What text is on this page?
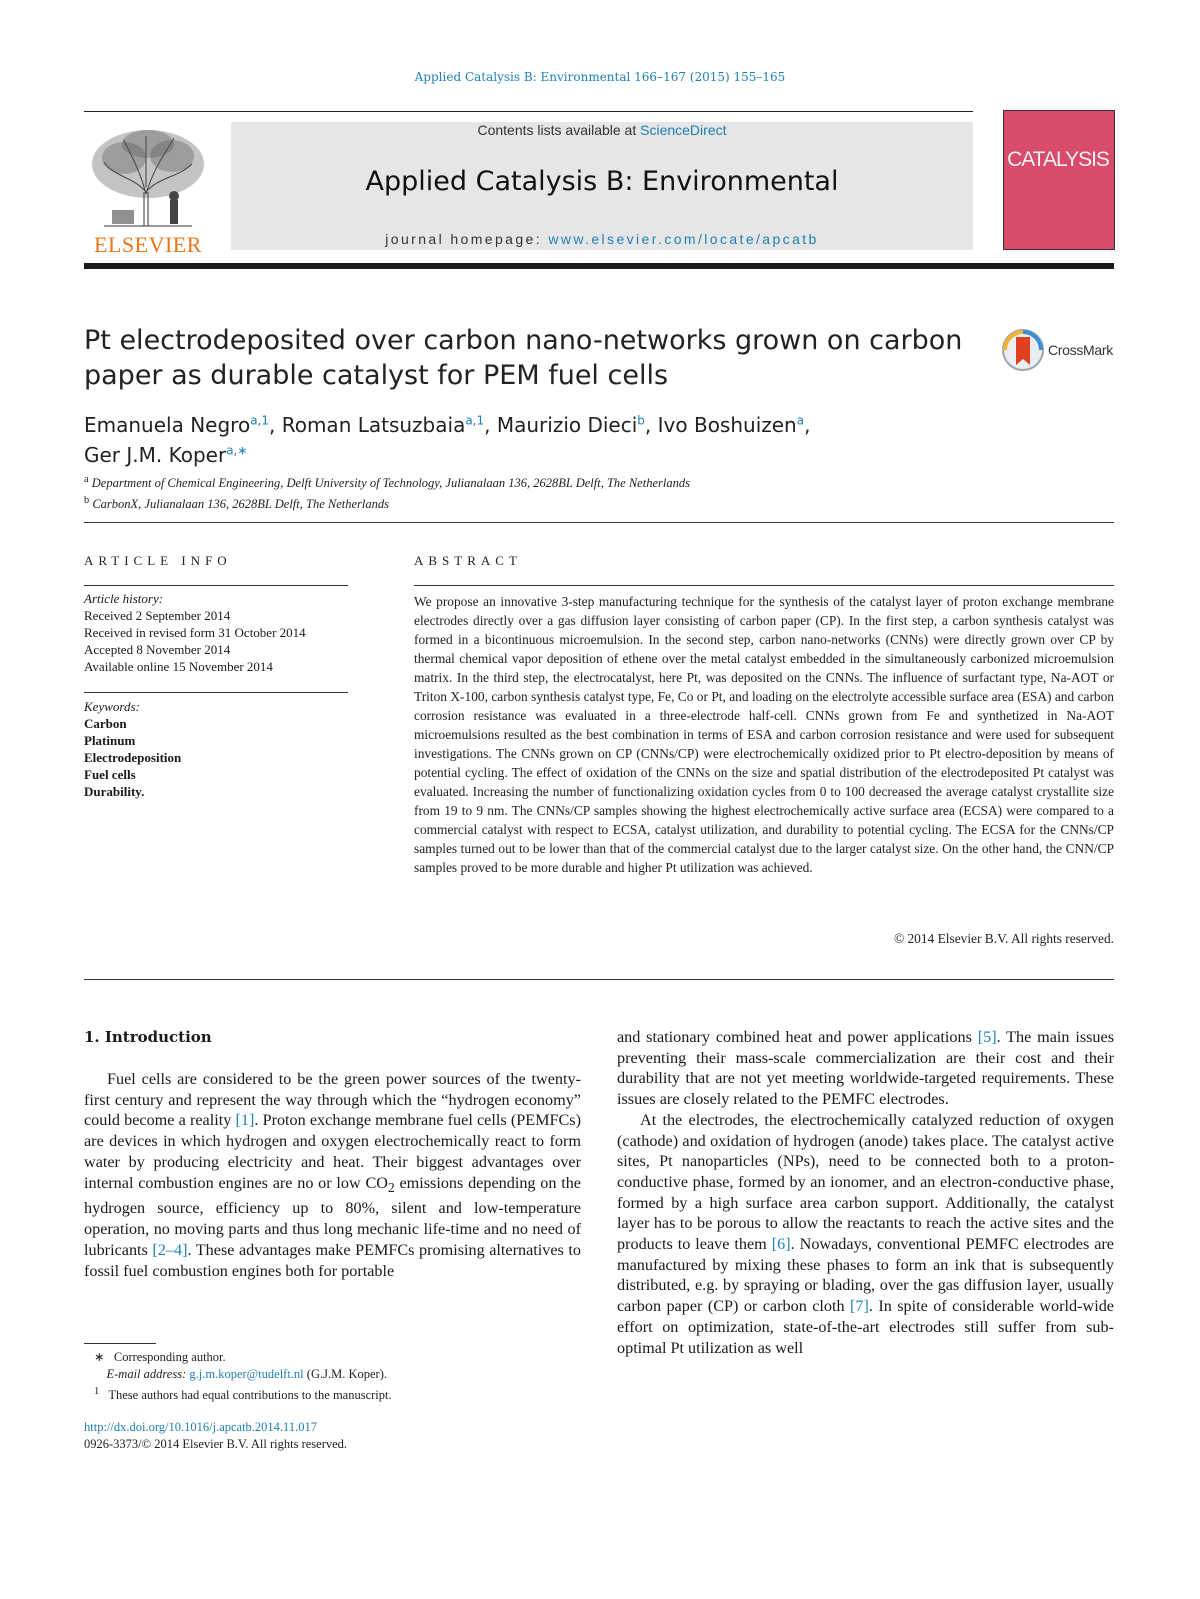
Applied Catalysis B: Environmental 166–167 (2015) 155–165
ELSEVIER
Contents lists available at ScienceDirect
Applied Catalysis B: Environmental
journal homepage: www.elsevier.com/locate/apcatb
CATALYSIS
Pt electrodeposited over carbon nano-networks grown on carbon paper as durable catalyst for PEM fuel cells
CrossMark
Emanuela Negro$^{a,1}$, Roman Latsuzbaia$^{a,1}$, Maurizio Dieci$^b$, Ivo Boshuizen$^a$,
Ger J.M. Koper$^{a,∗}$
$^a$ Department of Chemical Engineering, Delft University of Technology, Julianalaan 136, 2628BL Delft, The Netherlands
$^b$ CarbonX, Julianalaan 136, 2628BL Delft, The Netherlands
ARTICLE INFO
Article history:
Received 2 September 2014
Received in revised form 31 October 2014
Accepted 8 November 2014
Available online 15 November 2014
Keywords:
Carbon
Platinum
Electrodeposition
Fuel cells
Durability.
ABSTRACT
We propose an innovative 3-step manufacturing technique for the synthesis of the catalyst layer of proton exchange membrane electrodes directly over a gas diffusion layer consisting of carbon paper (CP). In the first step, a carbon synthesis catalyst was formed in a bicontinuous microemulsion. In the second step, carbon nano-networks (CNNs) were directly grown over CP by thermal chemical vapor deposition of ethene over the metal catalyst embedded in the simultaneously carbonized microemulsion matrix. In the third step, the electrocatalyst, here Pt, was deposited on the CNNs. The influence of surfactant type, Na-AOT or Triton X-100, carbon synthesis catalyst type, Fe, Co or Pt, and loading on the electrolyte accessible surface area (ESA) and carbon corrosion resistance was evaluated in a three-electrode half-cell. CNNs grown from Fe and synthetized in Na-AOT microemulsions resulted as the best combination in terms of ESA and carbon corrosion resistance and were used for subsequent investigations. The CNNs grown on CP (CNNs/CP) were electrochemically oxidized prior to Pt electro-deposition by means of potential cycling. The effect of oxidation of the CNNs on the size and spatial distribution of the electrodeposited Pt catalyst was evaluated. Increasing the number of functionalizing oxidation cycles from 0 to 100 decreased the average catalyst crystallite size from 19 to 9 nm. The CNNs/CP samples showing the highest electrochemically active surface area (ECSA) were compared to a commercial catalyst with respect to ECSA, catalyst utilization, and durability to potential cycling. The ECSA for the CNNs/CP samples turned out to be lower than that of the commercial catalyst due to the larger catalyst size. On the other hand, the CNN/CP samples proved to be more durable and higher Pt utilization was achieved.
© 2014 Elsevier B.V. All rights reserved.
1. Introduction

Fuel cells are considered to be the green power sources of the twenty-first century and represent the way through which the “hydrogen economy” could become a reality [1]. Proton exchange membrane fuel cells (PEMFCs) are devices in which hydrogen and oxygen electrochemically react to form water by producing electricity and heat. Their biggest advantages over internal combustion engines are no or low $CO_2$ emissions depending on the hydrogen source, efficiency up to 80%, silent and low-temperature operation, no moving parts and thus long mechanic life-time and no need of lubricants [2–4]. These advantages make PEMFCs promising alternatives to fossil fuel combustion engines both for portable

and stationary combined heat and power applications [5]. The main issues preventing their mass-scale commercialization are their cost and their durability that are not yet meeting worldwide-targeted requirements. These issues are closely related to the PEMFC electrodes.

At the electrodes, the electrochemically catalyzed reduction of oxygen (cathode) and oxidation of hydrogen (anode) takes place. The catalyst active sites, Pt nanoparticles (NPs), need to be connected both to a proton-conductive phase, formed by an ionomer, and an electron-conductive phase, formed by a high surface area carbon support. Additionally, the catalyst layer has to be porous to allow the reactants to reach the active sites and the products to leave them [6]. Nowadays, conventional PEMFC electrodes are manufactured by mixing these phases to form an ink that is subsequently distributed, e.g. by spraying or blading, over the gas diffusion layer, usually carbon paper (CP) or carbon cloth [7]. In spite of considerable world-wide effort on optimization, state-of-the-art electrodes still suffer from sub-optimal Pt utilization as well

∗ Corresponding author.
E-mail address: g.j.m.koper@tudelft.nl (G.J.M. Koper).
$^1$ These authors had equal contributions to the manuscript.
http://dx.doi.org/10.1016/j.apcatb.2014.11.017
0926-3373/© 2014 Elsevier B.V. All rights reserved.
